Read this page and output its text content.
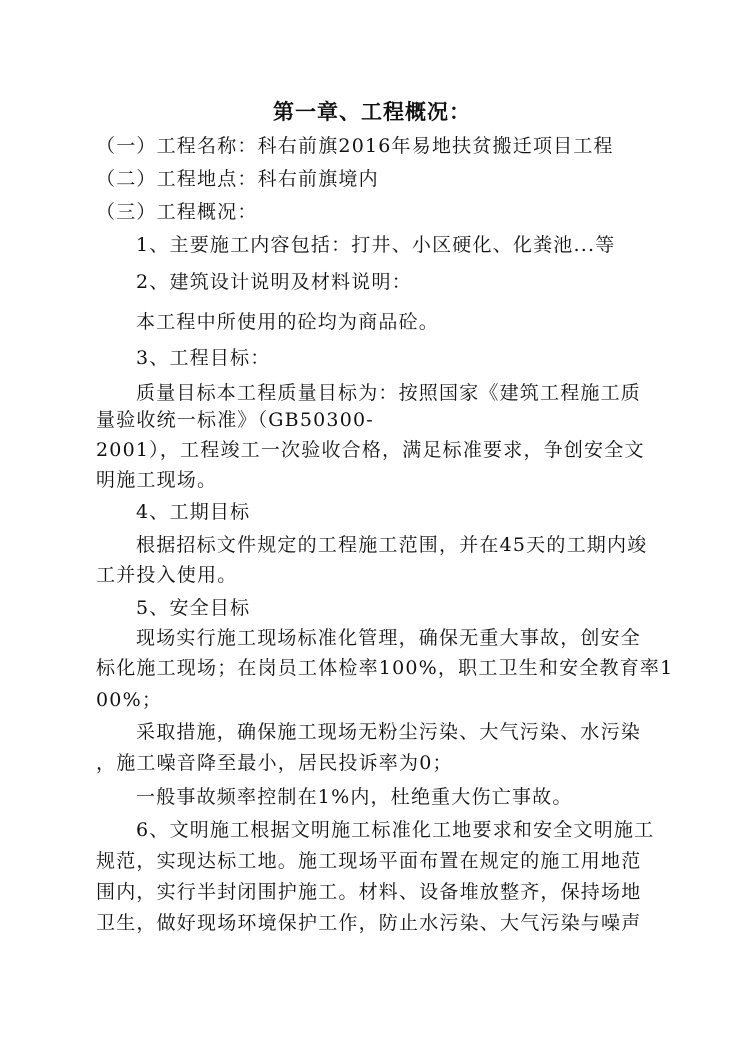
第一章、工程概况：
（一）工程名称：科右前旗2016年易地扶贫搬迁项目工程
（二）工程地点：科右前旗境内
（三）工程概况：
1、主要施工内容包括：打井、小区硬化、化粪池...等
2、建筑设计说明及材料说明：
本工程中所使用的砼均为商品砼。
3、工程目标：
质量目标本工程质量目标为：按照国家《建筑工程施工质
量验收统一标准》（GB50300-
2001），工程竣工一次验收合格，满足标准要求，争创安全文
明施工现场。
4、工期目标
根据招标文件规定的工程施工范围，并在45天的工期内竣
工并投入使用。
5、安全目标
现场实行施工现场标准化管理，确保无重大事故，创安全
标化施工现场；在岗员工体检率100%，职工卫生和安全教育率1
00%；
采取措施，确保施工现场无粉尘污染、大气污染、水污染
，施工噪音降至最小，居民投诉率为0；
一般事故频率控制在1%内，杜绝重大伤亡事故。
6、文明施工根据文明施工标准化工地要求和安全文明施工
规范，实现达标工地。施工现场平面布置在规定的施工用地范
围内，实行半封闭围护施工。材料、设备堆放整齐，保持场地
卫生，做好现场环境保护工作，防止水污染、大气污染与噪声
